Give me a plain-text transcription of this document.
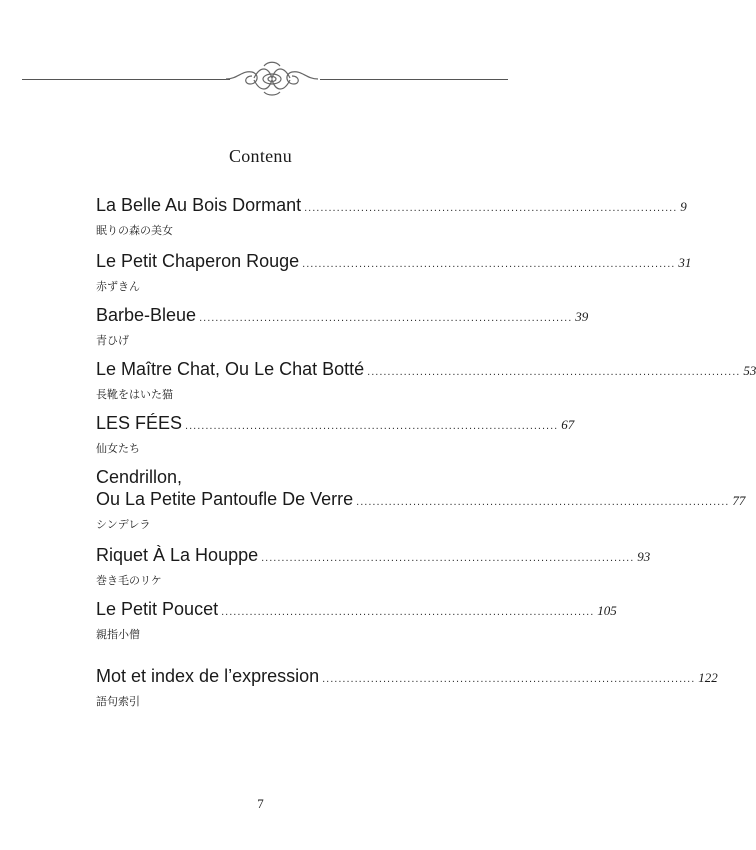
Contenu
La Belle Au Bois Dormant ............................................................................................ 9
眠りの森の美女
Le Petit Chaperon Rouge ............................................................................................ 31
赤ずきん
Barbe-Bleue ............................................................................................ 39
青ひげ
Le Maître Chat, Ou Le Chat Botté ............................................................................................ 53
長靴をはいた猫
LES FÉES ............................................................................................ 67
仙女たち
Cendrillon,
Ou La Petite Pantoufle De Verre ............................................................................................ 77
シンデレラ
Riquet À La Houppe ............................................................................................ 93
巻き毛のリケ
Le Petit Poucet ............................................................................................ 105
親指小僧
Mot et index de l’expression ............................................................................................ 122
語句索引
7
